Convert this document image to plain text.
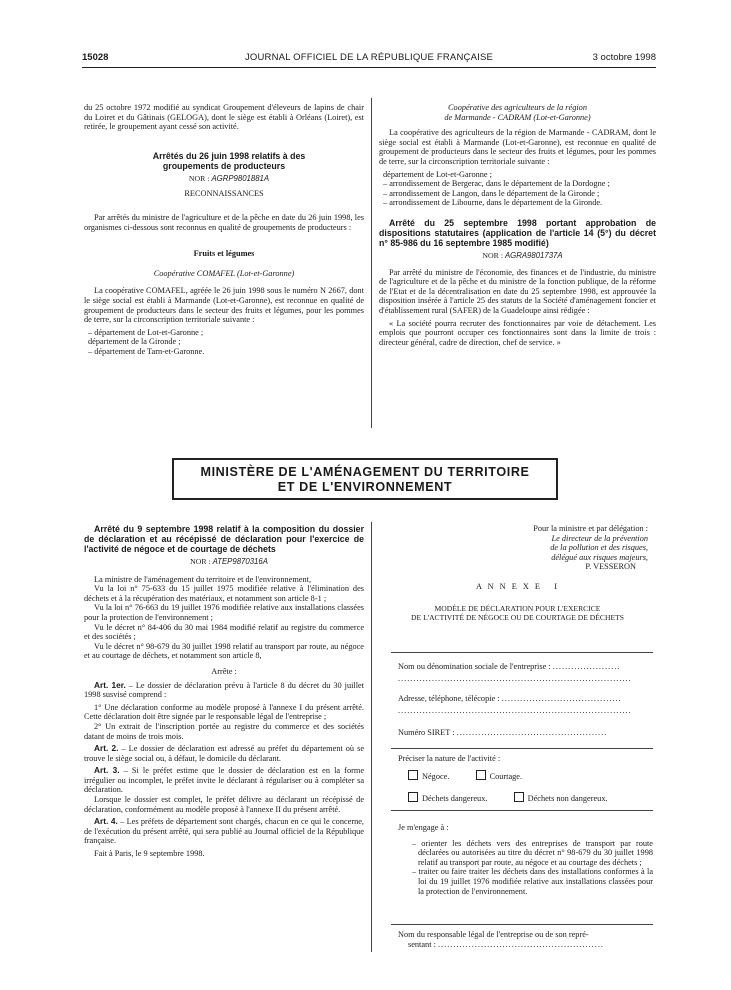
15028	JOURNAL OFFICIEL DE LA RÉPUBLIQUE FRANÇAISE	3 octobre 1998

du 25 octobre 1972 modifié au syndicat Groupement d'éleveurs de lapins de chair du Loiret et du Gâtinais (GELOGA), dont le siège est établi à Orléans (Loiret), est retirée, le groupement ayant cessé son activité.

Arrêtés du 26 juin 1998 relatifs à des groupements de producteurs

NOR : AGRP9801881A

RECONNAISSANCES

Par arrêtés du ministre de l'agriculture et de la pêche en date du 26 juin 1998, les organismes ci-dessous sont reconnus en qualité de groupements de producteurs :

Fruits et légumes

Coopérative COMAFEL (Lot-et-Garonne)

La coopérative COMAFEL, agréée le 26 juin 1998 sous le numéro N 2667, dont le siège social est établi à Marmande (Lot-et-Garonne), est reconnue en qualité de groupement de producteurs dans le secteur des fruits et légumes, pour les pommes de terre, sur la circonscription territoriale suivante :

– département de Lot-et-Garonne ;
département de la Gironde ;
– département de Tarn-et-Garonne.

Coopérative des agriculteurs de la région

de Marmande - CADRAM (Lot-et-Garonne)

La coopérative des agriculteurs de la région de Marmande - CADRAM, dont le siège social est établi à Marmande (Lot-et-Garonne), est reconnue en qualité de groupement de producteurs dans le secteur des fruits et légumes, pour les pommes de terre, sur la circonscription territoriale suivante :

département de Lot-et-Garonne ;
– arrondissement de Bergerac, dans le département de la Dordogne ;
– arrondissement de Langon, dans le département de la Gironde ;
– arrondissement de Libourne, dans le département de la Gironde.

Arrêté du 25 septembre 1998 portant approbation de dispositions statutaires (application de l'article 14 (5°) du décret n° 85-986 du 16 septembre 1985 modifié)

NOR : AGRA9801737A

Par arrêté du ministre de l'économie, des finances et de l'industrie, du ministre de l'agriculture et de la pêche et du ministre de la fonction publique, de la réforme de l'Etat et de la décentralisation en date du 25 septembre 1998, est approuvée la disposition insérée à l'article 25 des statuts de la Société d'aménagement foncier et d'établissement rural (SAFER) de la Guadeloupe ainsi rédigée :

« La société pourra recruter des fonctionnaires par voie de détachement. Les emplois que pourront occuper ces fonctionnaires sont dans la limite de trois : directeur général, cadre de direction, chef de service. »

MINISTÈRE DE L'AMÉNAGEMENT DU TERRITOIRE
ET DE L'ENVIRONNEMENT

Arrêté du 9 septembre 1998 relatif à la composition du dossier de déclaration et au récépissé de déclaration pour l'exercice de l'activité de négoce et de courtage de déchets

NOR : ATEP9870316A

La ministre de l'aménagement du territoire et de l'environnement,

Vu la loi n° 75-633 du 15 juillet 1975 modifiée relative à l'élimination des déchets et à la récupération des matériaux, et notamment son article 8-1 ;

Vu la loi n° 76-663 du 19 juillet 1976 modifiée relative aux installations classées pour la protection de l'environnement ;

Vu le décret n° 84-406 du 30 mai 1984 modifié relatif au registre du commerce et des sociétés ;

Vu le décret n° 98-679 du 30 juillet 1998 relatif au transport par route, au négoce et au courtage de déchets, et notamment son article 8,

Arrête :

Art. 1er. – Le dossier de déclaration prévu à l'article 8 du décret du 30 juillet 1998 susvisé comprend :

1° Une déclaration conforme au modèle proposé à l'annexe I du présent arrêté. Cette déclaration doit être signée par le responsable légal de l'entreprise ;

2° Un extrait de l'inscription portée au registre du commerce et des sociétés datant de moins de trois mois.

Art. 2. – Le dossier de déclaration est adressé au préfet du département où se trouve le siège social ou, à défaut, le domicile du déclarant.

Art. 3. – Si le préfet estime que le dossier de déclaration est en la forme irrégulier ou incomplet, le préfet invite le déclarant à régulariser ou à compléter sa déclaration.

Lorsque le dossier est complet, le préfet délivre au déclarant un récépissé de déclaration, conformément au modèle proposé à l'annexe II du présent arrêté.

Art. 4. – Les préfets de département sont chargés, chacun en ce qui le concerne, de l'exécution du présent arrêté, qui sera publié au Journal officiel de la République française.

Fait à Paris, le 9 septembre 1998.

Pour la ministre et par délégation :
Le directeur de la prévention
de la pollution et des risques,
délégué aux risques majeurs,
P. VESSERON

A N N E X E   I

MODÈLE DE DÉCLARATION POUR L'EXERCICE

DE L'ACTIVITÉ DE NÉGOCE OU DE COURTAGE DE DÉCHETS

Nom ou dénomination sociale de l'entreprise : ......................
............................................................................
Adresse, téléphone, télécopie : .......................................
............................................................................
Numéro SIRET : .................................................
Préciser la nature de l'activité :
Négoce.	Courtage.
Déchets dangereux.	Déchets non dangereux.

Je m'engage à :

– orienter les déchets vers des entreprises de transport par route déclarées ou autorisées au titre du décret n° 98-679 du 30 juillet 1998 relatif au transport par route, au négoce et au courtage des déchets ;
– traiter ou faire traiter les déchets dans des installations conformes à la loi du 19 juillet 1976 modifiée relative aux installations classées pour la protection de l'environnement.
Nom du responsable légal de l'entreprise ou de son repré-
sentant : ......................................................
